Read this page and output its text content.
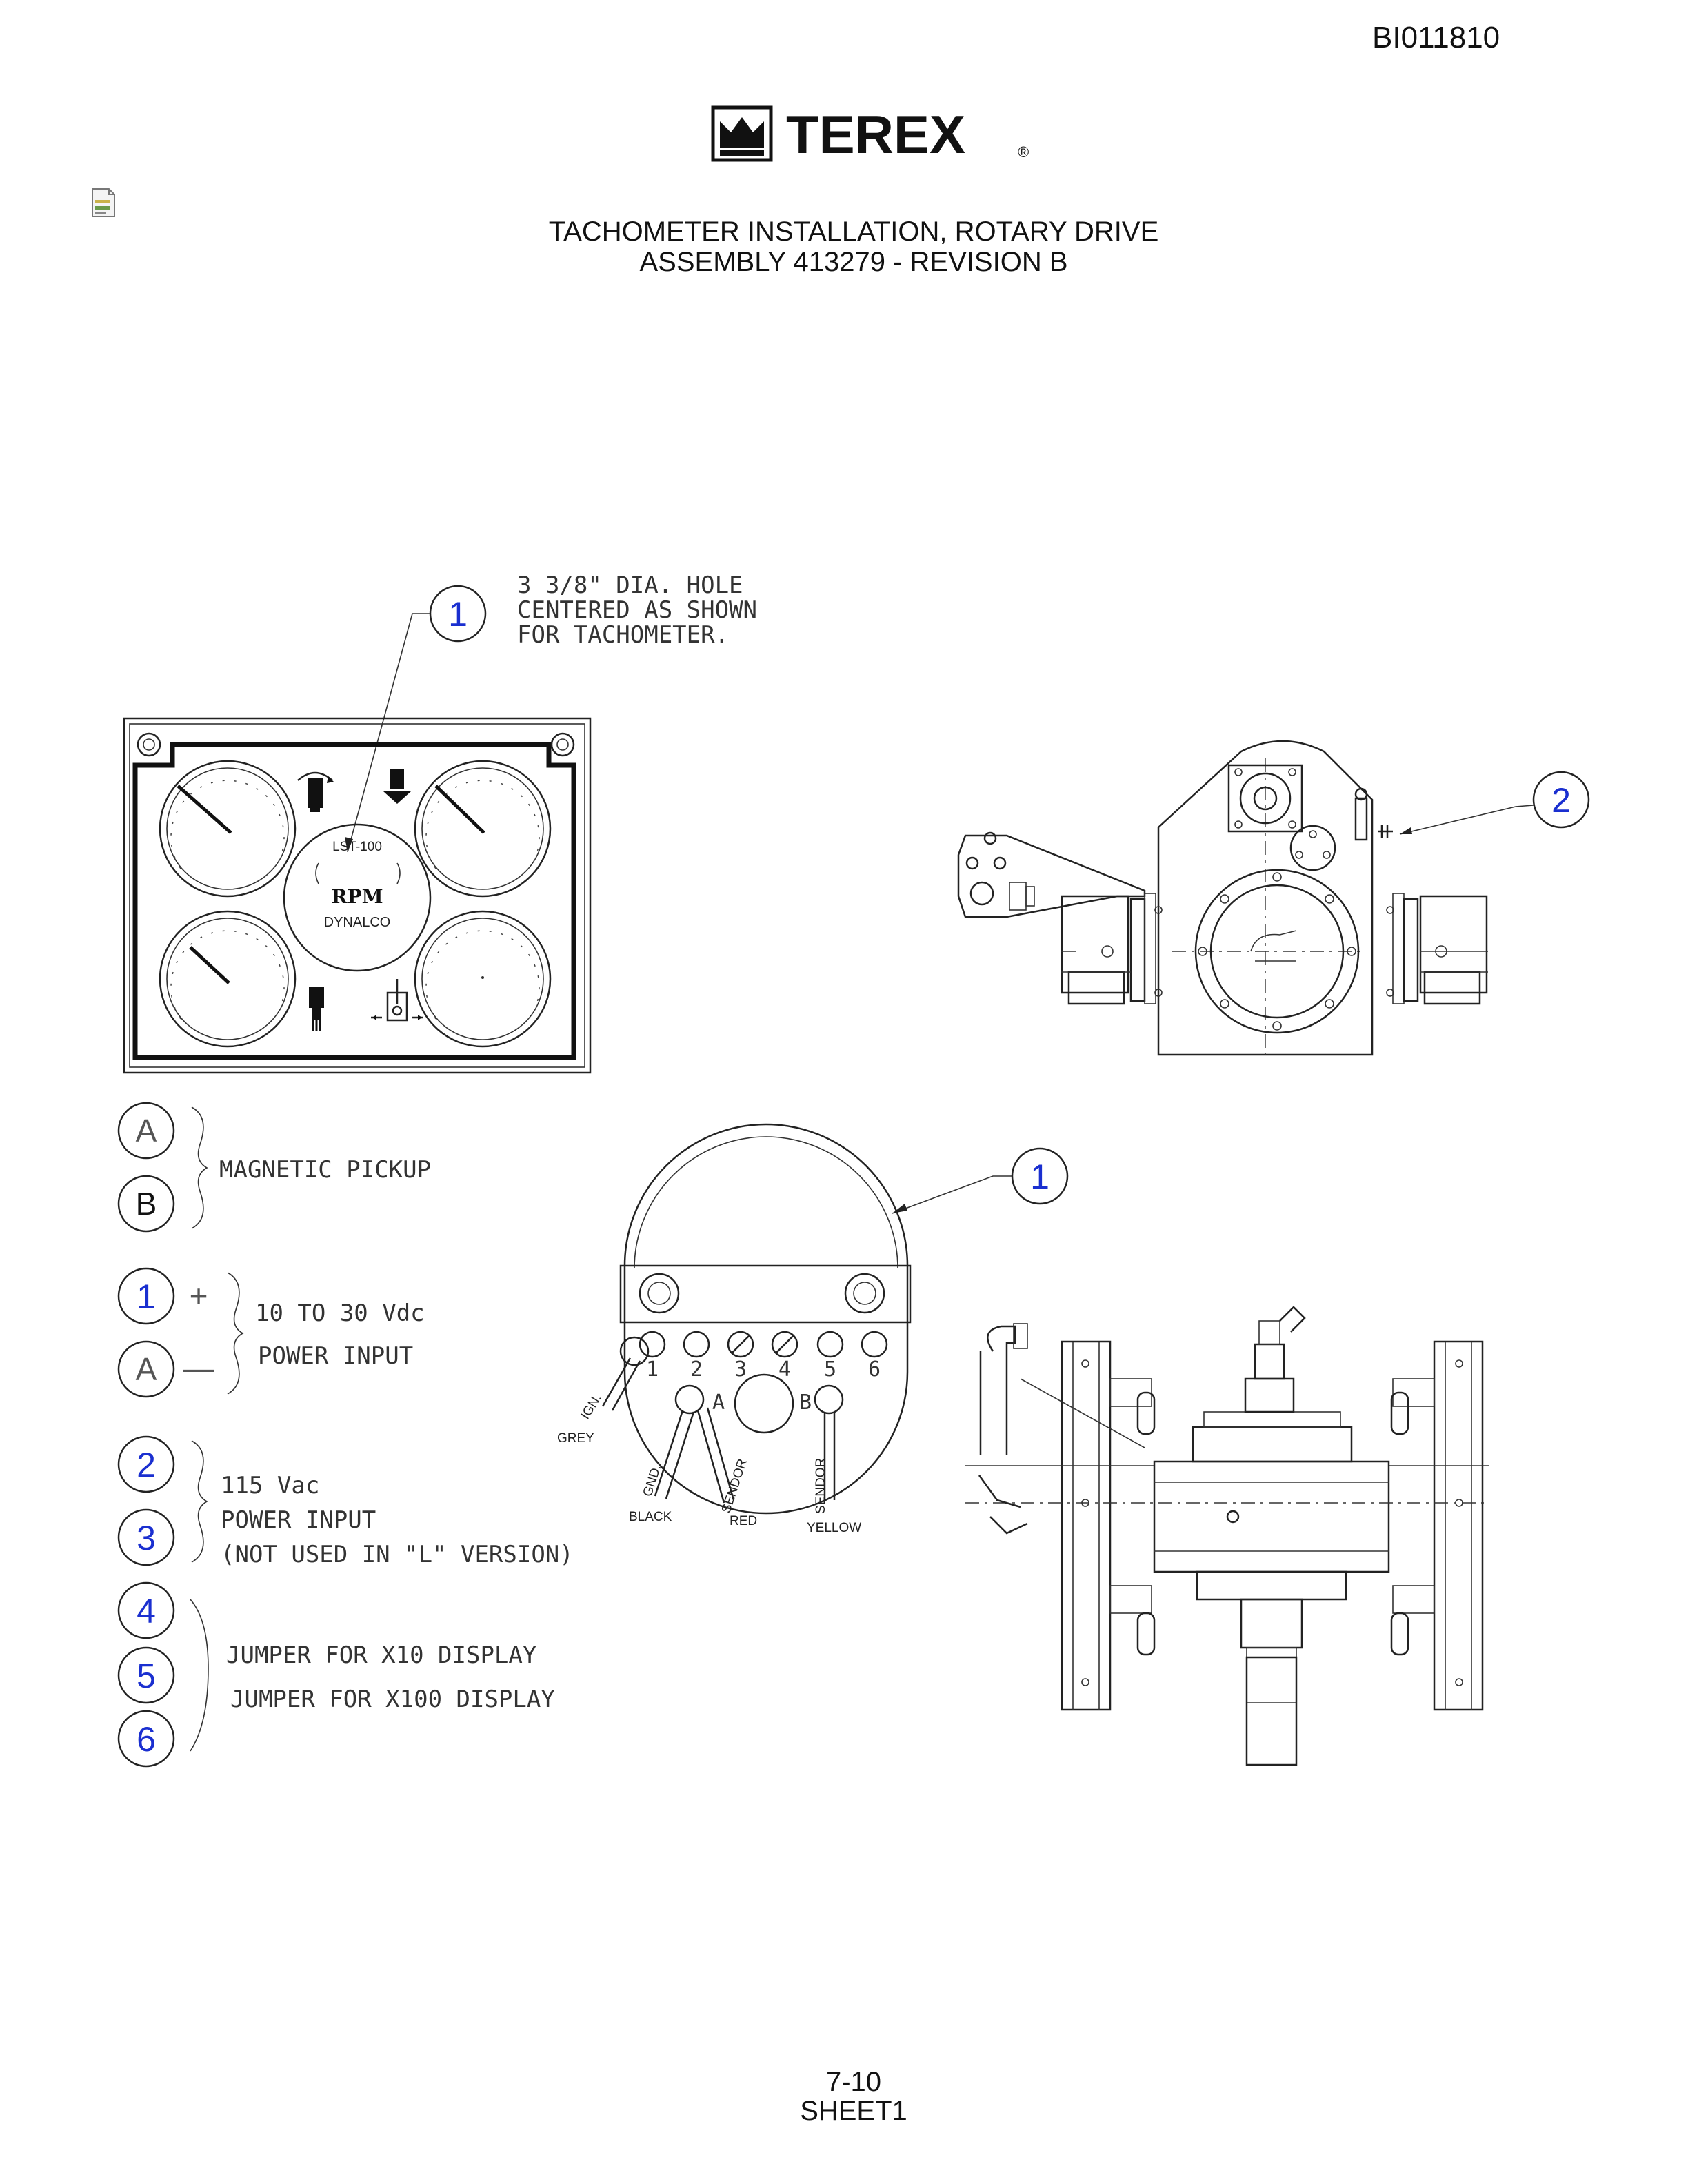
BI011810
TEREX	®
TACHOMETER INSTALLATION, ROTARY DRIVE
ASSEMBLY 413279 - REVISION B
1
3 3/8" DIA. HOLE
CENTERED AS SHOWN
FOR TACHOMETER.
LST-100
RPM
DYNALCO
2
1 2 3 4 5 6
A	B
IGN.
GREY
GND.
BLACK
SENDOR
RED
SENDOR
YELLOW
1
A
B
MAGNETIC PICKUP
1 +
A —
10 TO 30 Vdc
POWER INPUT
2
3
115 Vac
POWER INPUT
(NOT USED IN "L" VERSION)
4
5
6
JUMPER FOR X10 DISPLAY
JUMPER FOR X100 DISPLAY
7-10
SHEET1
